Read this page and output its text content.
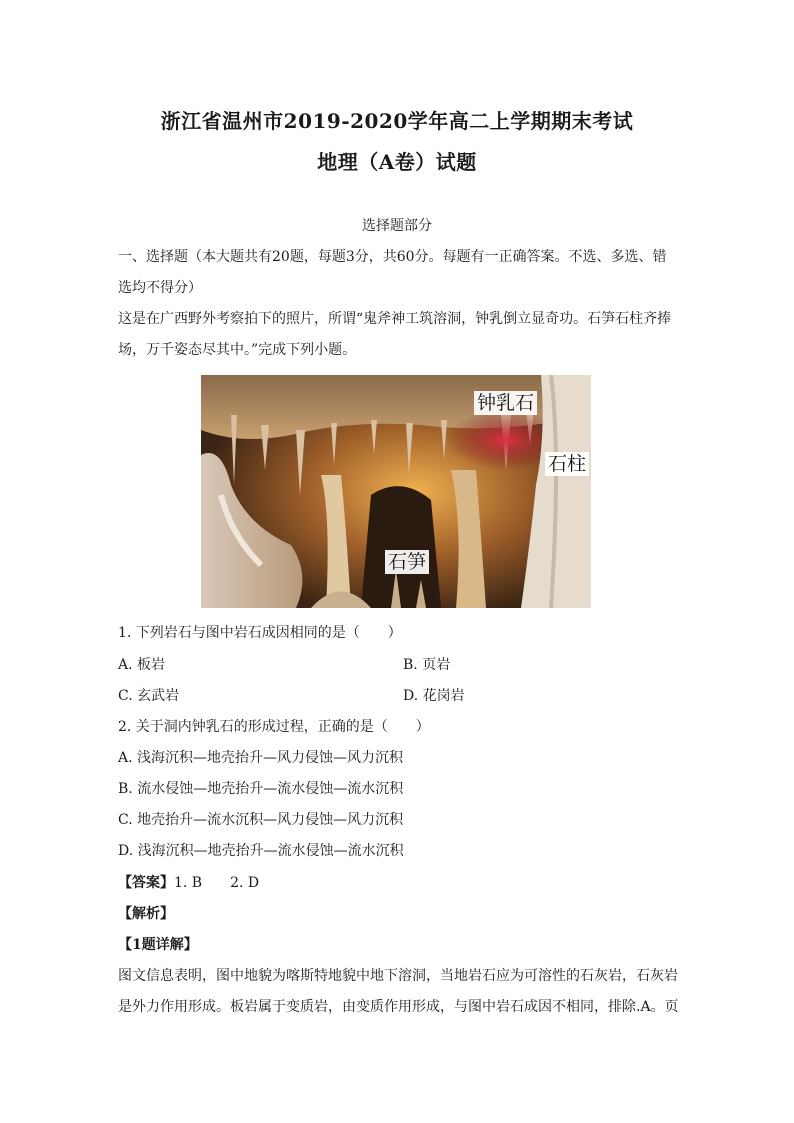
浙江省温州市2019-2020学年高二上学期期末考试
地理（A卷）试题
选择题部分
一、选择题（本大题共有20题，每题3分，共60分。每题有一正确答案。不选、多选、错
选均不得分）
这是在广西野外考察拍下的照片，所谓“鬼斧神工筑溶洞，钟乳倒立显奇功。石笋石柱齐捧
场，万千姿态尽其中。”完成下列小题。
钟乳石
石柱
石笋
1. 下列岩石与图中岩石成因相同的是（　　）
A. 板岩	B. 页岩
C. 玄武岩	D. 花岗岩
2. 关于洞内钟乳石的形成过程，正确的是（　　）
A. 浅海沉积—地壳抬升—风力侵蚀—风力沉积
B. 流水侵蚀—地壳抬升—流水侵蚀—流水沉积
C. 地壳抬升—流水沉积—风力侵蚀—风力沉积
D. 浅海沉积—地壳抬升—流水侵蚀—流水沉积
【答案】1. B　　2. D
【解析】
【1题详解】
图文信息表明，图中地貌为喀斯特地貌中地下溶洞，当地岩石应为可溶性的石灰岩，石灰岩
是外力作用形成。板岩属于变质岩，由变质作用形成，与图中岩石成因不相同，排除.A。页
